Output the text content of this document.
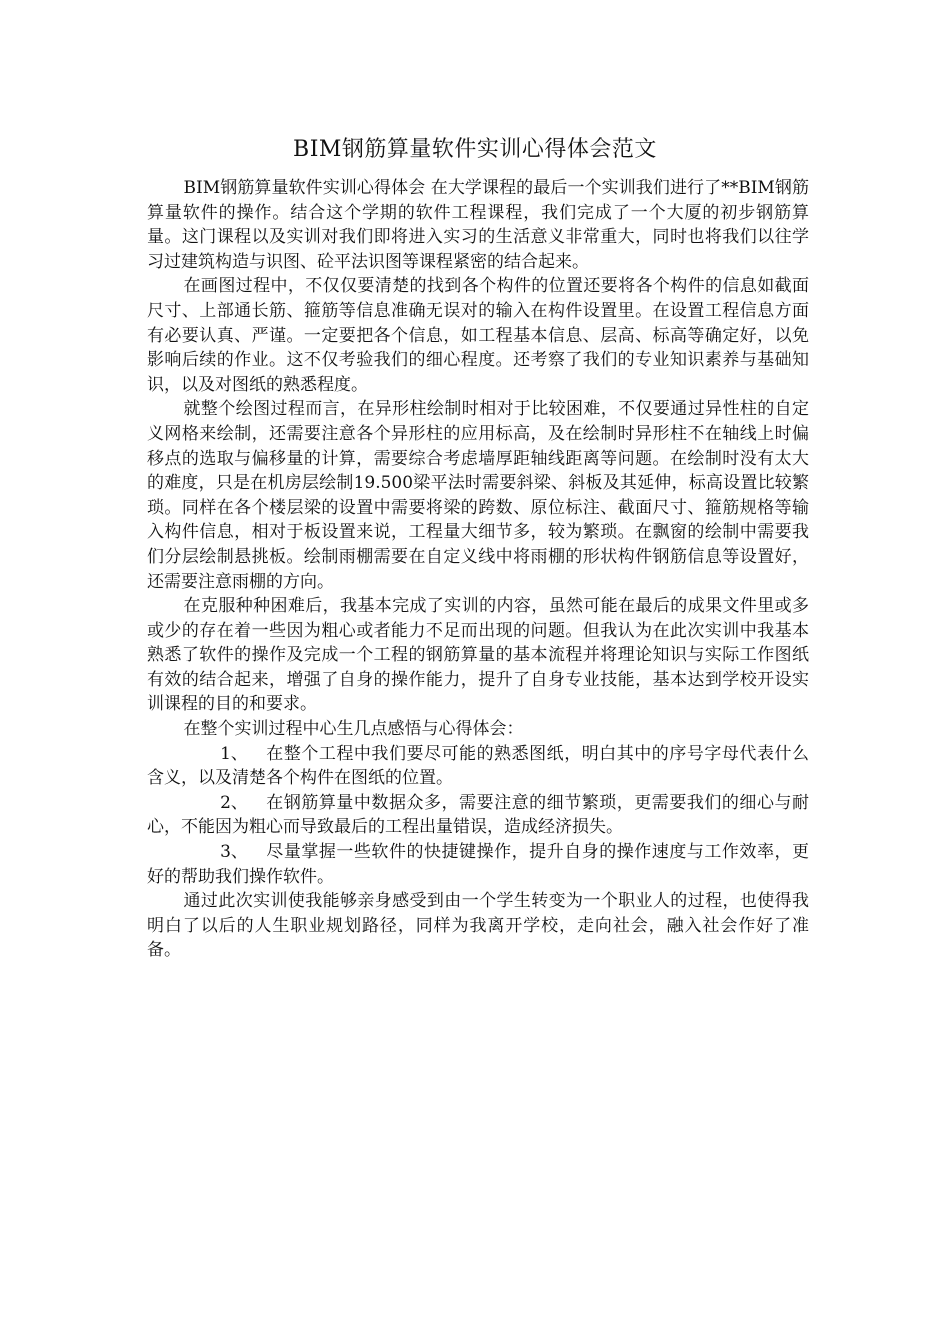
BIM钢筋算量软件实训心得体会范文

BIM钢筋算量软件实训心得体会 在大学课程的最后一个实训我们进行了**BIM钢筋算量软件的操作。结合这个学期的软件工程课程，我们完成了一个大厦的初步钢筋算量。这门课程以及实训对我们即将进入实习的生活意义非常重大，同时也将我们以往学习过建筑构造与识图、砼平法识图等课程紧密的结合起来。

在画图过程中，不仅仅要清楚的找到各个构件的位置还要将各个构件的信息如截面尺寸、上部通长筋、箍筋等信息准确无误对的输入在构件设置里。在设置工程信息方面有必要认真、严谨。一定要把各个信息，如工程基本信息、层高、标高等确定好，以免影响后续的作业。这不仅考验我们的细心程度。还考察了我们的专业知识素养与基础知识，以及对图纸的熟悉程度。

就整个绘图过程而言，在异形柱绘制时相对于比较困难，不仅要通过异性柱的自定义网格来绘制，还需要注意各个异形柱的应用标高，及在绘制时异形柱不在轴线上时偏移点的选取与偏移量的计算，需要综合考虑墙厚距轴线距离等问题。在绘制时没有太大的难度，只是在机房层绘制19.500梁平法时需要斜梁、斜板及其延伸，标高设置比较繁琐。同样在各个楼层梁的设置中需要将梁的跨数、原位标注、截面尺寸、箍筋规格等输入构件信息，相对于板设置来说，工程量大细节多，较为繁琐。在飘窗的绘制中需要我们分层绘制悬挑板。绘制雨棚需要在自定义线中将雨棚的形状构件钢筋信息等设置好，还需要注意雨棚的方向。

在克服种种困难后，我基本完成了实训的内容，虽然可能在最后的成果文件里或多或少的存在着一些因为粗心或者能力不足而出现的问题。但我认为在此次实训中我基本熟悉了软件的操作及完成一个工程的钢筋算量的基本流程并将理论知识与实际工作图纸有效的结合起来，增强了自身的操作能力，提升了自身专业技能，基本达到学校开设实训课程的目的和要求。

在整个实训过程中心生几点感悟与心得体会：

1、 在整个工程中我们要尽可能的熟悉图纸，明白其中的序号字母代表什么含义，以及清楚各个构件在图纸的位置。

2、 在钢筋算量中数据众多，需要注意的细节繁琐，更需要我们的细心与耐心，不能因为粗心而导致最后的工程出量错误，造成经济损失。

3、 尽量掌握一些软件的快捷键操作，提升自身的操作速度与工作效率，更好的帮助我们操作软件。

通过此次实训使我能够亲身感受到由一个学生转变为一个职业人的过程，也使得我明白了以后的人生职业规划路径，同样为我离开学校，走向社会，融入社会作好了准备。
